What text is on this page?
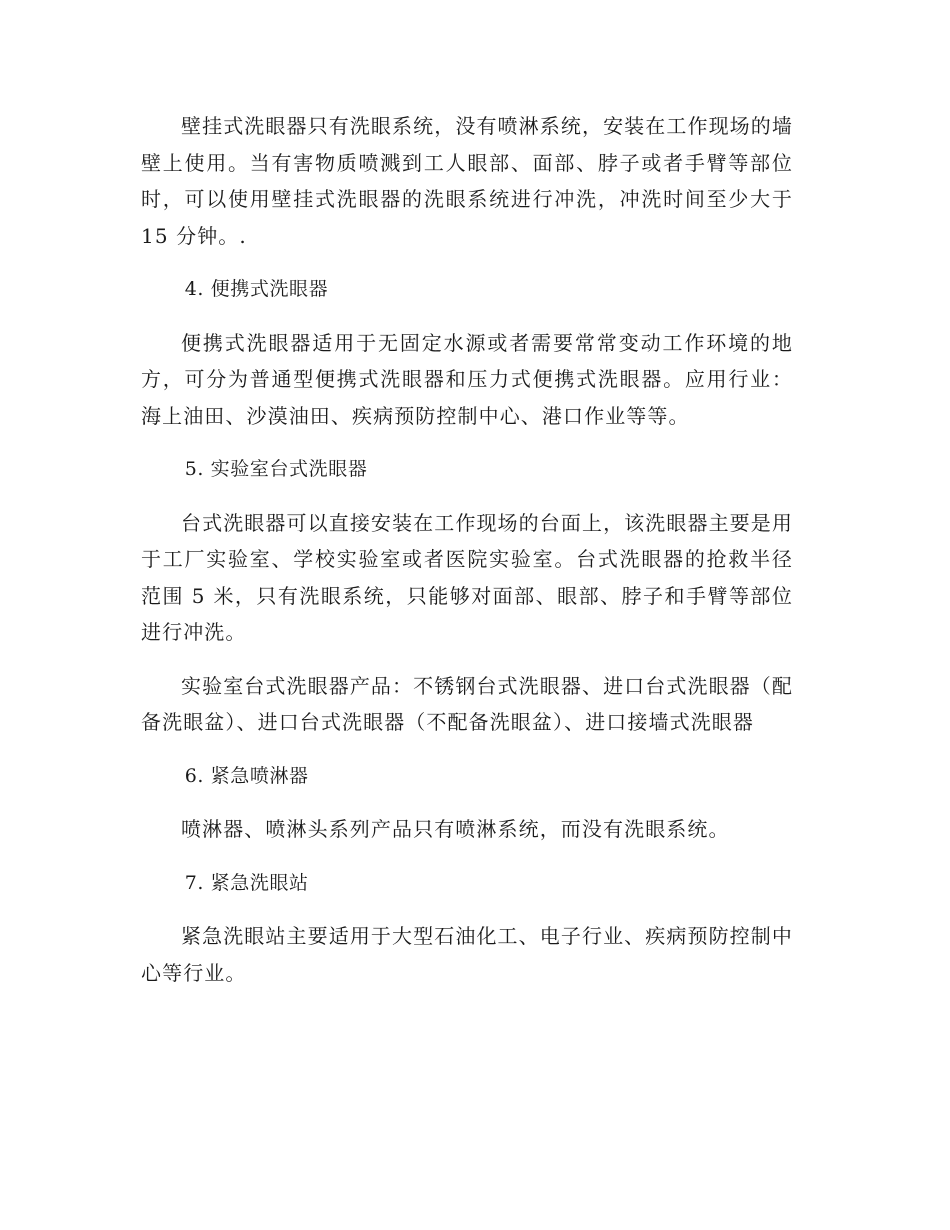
壁挂式洗眼器只有洗眼系统，没有喷淋系统，安装在工作现场的墙壁上使用。当有害物质喷溅到工人眼部、面部、脖子或者手臂等部位时，可以使用壁挂式洗眼器的洗眼系统进行冲洗，冲洗时间至少大于 15 分钟。.

4. 便携式洗眼器

便携式洗眼器适用于无固定水源或者需要常常变动工作环境的地方，可分为普通型便携式洗眼器和压力式便携式洗眼器。应用行业：海上油田、沙漠油田、疾病预防控制中心、港口作业等等。

5. 实验室台式洗眼器

台式洗眼器可以直接安装在工作现场的台面上，该洗眼器主要是用于工厂实验室、学校实验室或者医院实验室。台式洗眼器的抢救半径范围 5 米，只有洗眼系统，只能够对面部、眼部、脖子和手臂等部位进行冲洗。

实验室台式洗眼器产品：不锈钢台式洗眼器、进口台式洗眼器（配备洗眼盆）、进口台式洗眼器（不配备洗眼盆）、进口接墙式洗眼器

6. 紧急喷淋器

喷淋器、喷淋头系列产品只有喷淋系统，而没有洗眼系统。

7. 紧急洗眼站

紧急洗眼站主要适用于大型石油化工、电子行业、疾病预防控制中心等行业。
